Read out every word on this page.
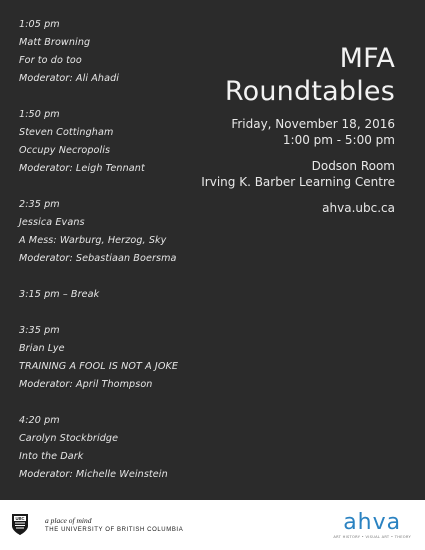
1:05 pm
Matt Browning
For to do too
Moderator: Ali Ahadi
1:50 pm
Steven Cottingham
Occupy Necropolis
Moderator: Leigh Tennant
2:35 pm
Jessica Evans
A Mess: Warburg, Herzog, Sky
Moderator: Sebastiaan Boersma
3:15 pm – Break
3:35 pm
Brian Lye
TRAINING A FOOL IS NOT A JOKE
Moderator: April Thompson
4:20 pm
Carolyn Stockbridge
Into the Dark
Moderator: Michelle Weinstein
MFA
Roundtables
Friday, November 18, 2016
1:00 pm - 5:00 pm
Dodson Room
Irving K. Barber Learning Centre
ahva.ubc.ca
UBC	a place of mind
THE UNIVERSITY OF BRITISH COLUMBIA	ahva
ART HISTORY • VISUAL ART • THEORY
